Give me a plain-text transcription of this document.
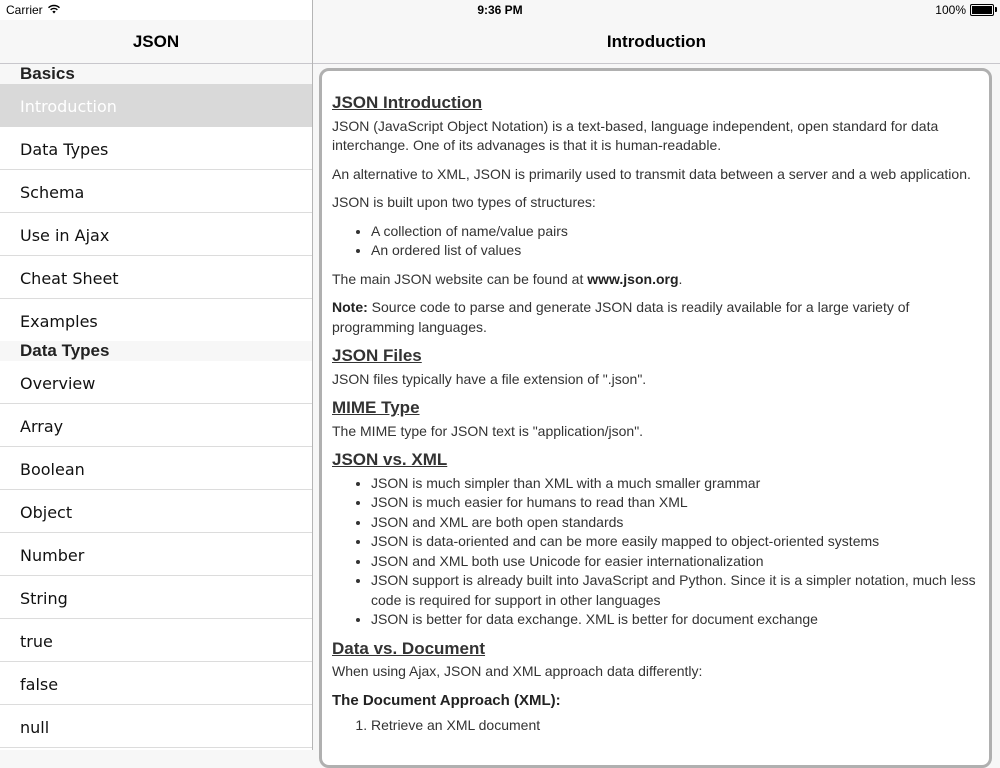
JSON
Basics
Introduction
Data Types
Schema
Use in Ajax
Cheat Sheet
Examples
Data Types
Overview
Array
Boolean
Object
Number
String
true
false
null
Introduction
JSON Introduction

JSON (JavaScript Object Notation) is a text-based, language independent, open standard for data interchange. One of its advanages is that it is human-readable.

An alternative to XML, JSON is primarily used to transmit data between a server and a web application.

JSON is built upon two types of structures:

• A collection of name/value pairs
• An ordered list of values

The main JSON website can be found at www.json.org.

Note: Source code to parse and generate JSON data is readily available for a large variety of programming languages.

JSON Files

JSON files typically have a file extension of ".json".

MIME Type

The MIME type for JSON text is "application/json".

JSON vs. XML
• JSON is much simpler than XML with a much smaller grammar
• JSON is much easier for humans to read than XML
• JSON and XML are both open standards
• JSON is data-oriented and can be more easily mapped to object-oriented systems
• JSON and XML both use Unicode for easier internationalization
• JSON support is already built into JavaScript and Python. Since it is a simpler notation, much less code is required for support in other languages
• JSON is better for data exchange. XML is better for document exchange
Data vs. Document

When using Ajax, JSON and XML approach data differently:

The Document Approach (XML):
1. Retrieve an XML document
Carrier	9:36 PM	100%
